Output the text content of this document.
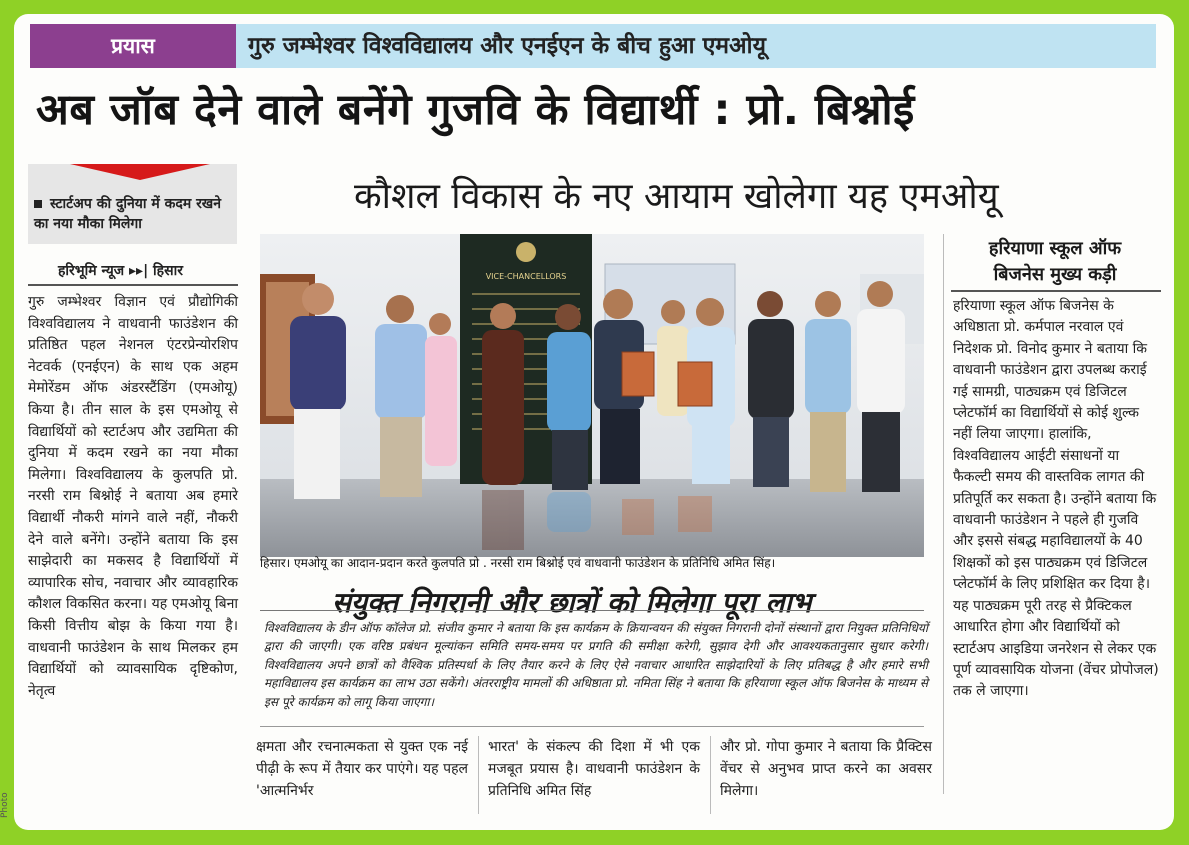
प्रयास	गुरु जम्भेश्वर विश्वविद्यालय और एनईएन के बीच हुआ एमओयू
अब जॉब देने वाले बनेंगे गुजवि के विद्यार्थी : प्रो. बिश्नोई
कौशल विकास के नए आयाम खोलेगा यह एमओयू
स्टार्टअप की दुनिया में कदम रखने का नया मौका मिलेगा
हरिभूमि न्यूज ▸▸| हिसार
गुरु जम्भेश्वर विज्ञान एवं प्रौद्योगिकी विश्वविद्यालय ने वाधवानी फाउंडेशन की प्रतिष्ठित पहल नेशनल एंटरप्रेन्योरशिप नेटवर्क (एनईएन) के साथ एक अहम मेमोरेंडम ऑफ अंडरस्टैंडिंग (एमओयू) किया है। तीन साल के इस एमओयू से विद्यार्थियों को स्टार्टअप और उद्यमिता की दुनिया में कदम रखने का नया मौका मिलेगा। विश्वविद्यालय के कुलपति प्रो. नरसी राम बिश्नोई ने बताया अब हमारे विद्यार्थी नौकरी मांगने वाले नहीं, नौकरी देने वाले बनेंगे। उन्होंने बताया कि इस साझेदारी का मकसद है विद्यार्थियों में व्यापारिक सोच, नवाचार और व्यावहारिक कौशल विकसित करना। यह एमओयू बिना किसी वित्तीय बोझ के किया गया है। वाधवानी फाउंडेशन के साथ मिलकर हम विद्यार्थियों को व्यावसायिक दृष्टिकोण, नेतृत्व
VICE-CHANCELLORS
हिसार। एमओयू का आदान-प्रदान करते कुलपति प्रो . नरसी राम बिश्नोई एवं वाधवानी फाउंडेशन के प्रतिनिधि अमित सिंह।
हरियाणा स्कूल ऑफ
बिजनेस मुख्य कड़ी
हरियाणा स्कूल ऑफ बिजनेस के अधिष्ठाता प्रो. कर्मपाल नरवाल एवं निदेशक प्रो. विनोद कुमार ने बताया कि वाधवानी फाउंडेशन द्वारा उपलब्ध कराई गई सामग्री, पाठ्यक्रम एवं डिजिटल प्लेटफॉर्म का विद्यार्थियों से कोई शुल्क नहीं लिया जाएगा। हालांकि, विश्वविद्यालय आईटी संसाधनों या फैकल्टी समय की वास्तविक लागत की प्रतिपूर्ति कर सकता है। उन्होंने बताया कि वाधवानी फाउंडेशन ने पहले ही गुजवि और इससे संबद्ध महाविद्यालयों के 40 शिक्षकों को इस पाठ्यक्रम एवं डिजिटल प्लेटफॉर्म के लिए प्रशिक्षित कर दिया है। यह पाठ्यक्रम पूरी तरह से प्रैक्टिकल आधारित होगा और विद्यार्थियों को स्टार्टअप आइडिया जनरेशन से लेकर एक पूर्ण व्यावसायिक योजना (वेंचर प्रोपोजल) तक ले जाएगा।
संयुक्त निगरानी और छात्रों को मिलेगा पूरा लाभ
विश्वविद्यालय के डीन ऑफ कॉलेज प्रो. संजीव कुमार ने बताया कि इस कार्यक्रम के क्रियान्वयन की संयुक्त निगरानी दोनों संस्थानों द्वारा नियुक्त प्रतिनिधियों द्वारा की जाएगी। एक वरिष्ठ प्रबंधन मूल्यांकन समिति समय-समय पर प्रगति की समीक्षा करेगी, सुझाव देगी और आवश्यकतानुसार सुधार करेगी। विश्वविद्यालय अपने छात्रों को वैश्विक प्रतिस्पर्धा के लिए तैयार करने के लिए ऐसे नवाचार आधारित साझेदारियों के लिए प्रतिबद्ध है और हमारे सभी महाविद्यालय इस कार्यक्रम का लाभ उठा सकेंगे। अंतरराष्ट्रीय मामलों की अधिष्ठाता प्रो. नमिता सिंह ने बताया कि हरियाणा स्कूल ऑफ बिजनेस के माध्यम से इस पूरे कार्यक्रम को लागू किया जाएगा।
क्षमता और रचनात्मकता से युक्त एक नई पीढ़ी के रूप में तैयार कर पाएंगे। यह पहल 'आत्मनिर्भर
भारत' के संकल्प की दिशा में भी एक मजबूत प्रयास है। वाधवानी फाउंडेशन के प्रतिनिधि अमित सिंह
और प्रो. गोपा कुमार ने बताया कि प्रैक्टिस वेंचर से अनुभव प्राप्त करने का अवसर मिलेगा।
Photo
